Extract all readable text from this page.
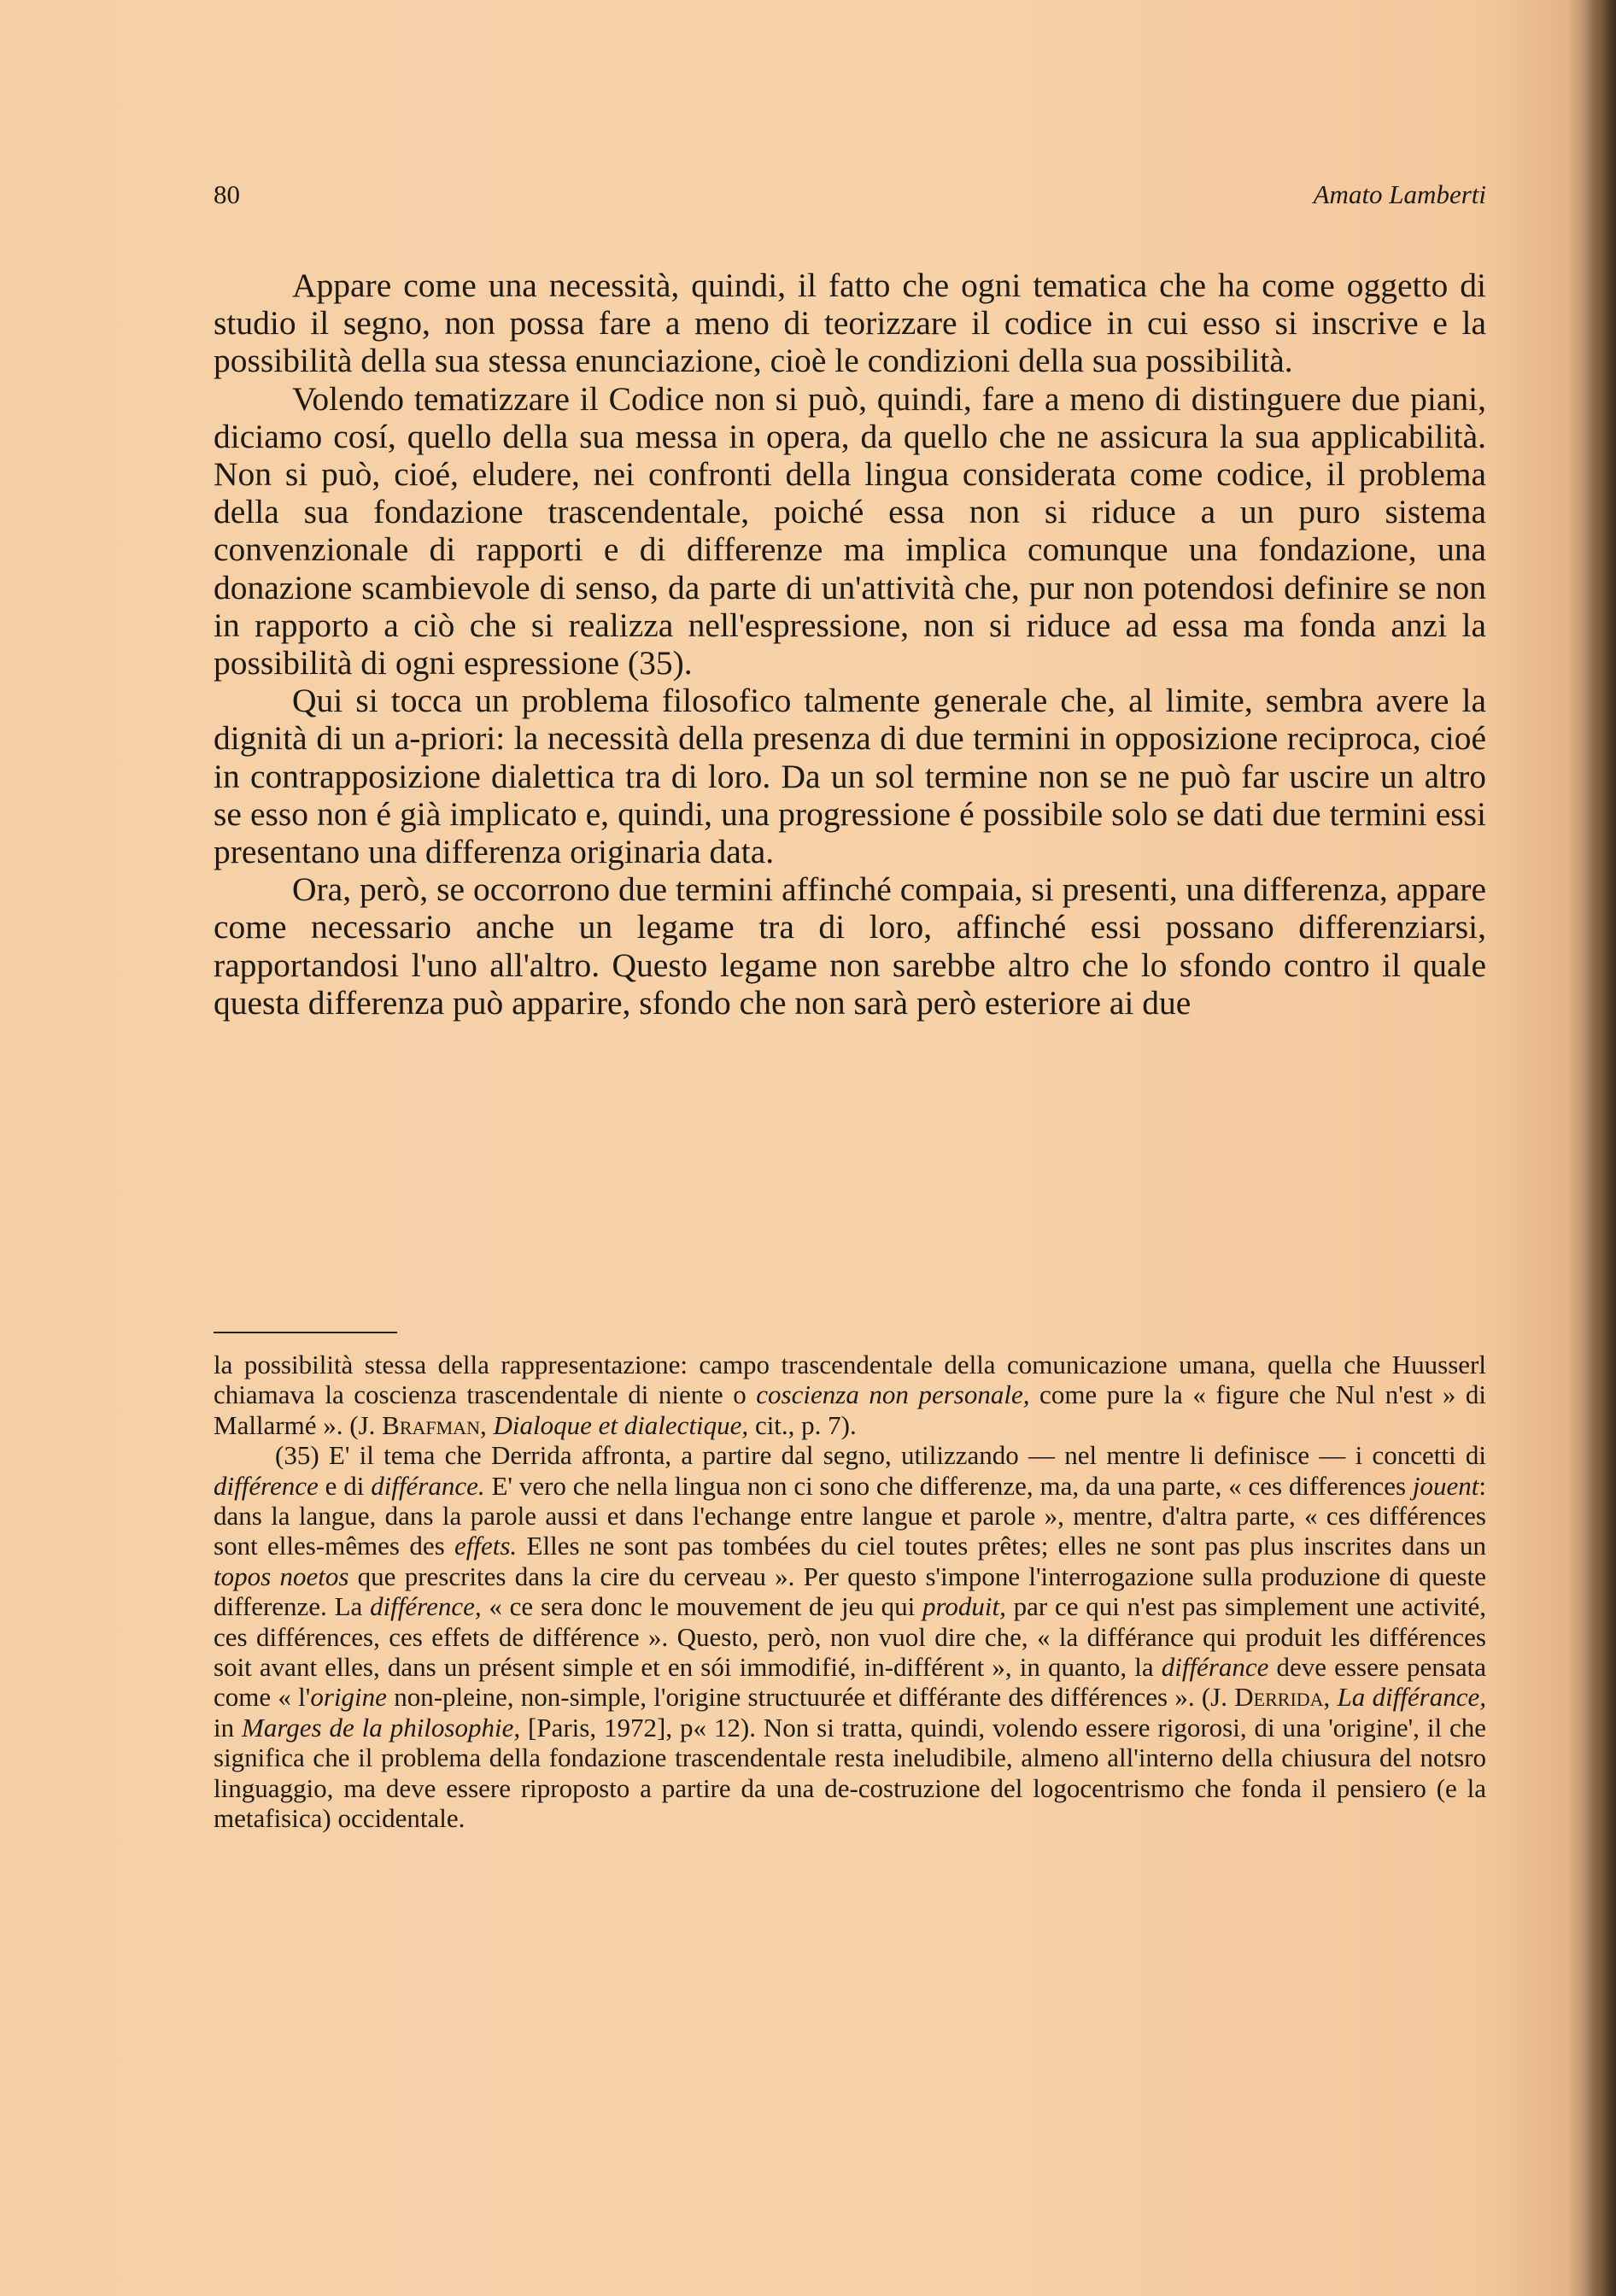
80	Amato Lamberti

Appare come una necessità, quindi, il fatto che ogni tematica che ha come oggetto di studio il segno, non possa fare a meno di teorizzare il codice in cui esso si inscrive e la possibilità della sua stessa enunciazione, cioè le condizioni della sua possibilità.

Volendo tematizzare il Codice non si può, quindi, fare a meno di distinguere due piani, diciamo cosí, quello della sua messa in opera, da quello che ne assicura la sua applicabilità. Non si può, cioé, eludere, nei confronti della lingua considerata come codice, il problema della sua fondazione trascendentale, poiché essa non si riduce a un puro sistema convenzionale di rapporti e di differenze ma implica comunque una fondazione, una donazione scambievole di senso, da parte di un'attività che, pur non potendosi definire se non in rapporto a ciò che si realizza nell'espressione, non si riduce ad essa ma fonda anzi la possibilità di ogni espressione (35).

Qui si tocca un problema filosofico talmente generale che, al limite, sembra avere la dignità di un a-priori: la necessità della presenza di due termini in opposizione reciproca, cioé in contrapposizione dialettica tra di loro. Da un sol termine non se ne può far uscire un altro se esso non é già implicato e, quindi, una progressione é possibile solo se dati due termini essi presentano una differenza originaria data.

Ora, però, se occorrono due termini affinché compaia, si presenti, una differenza, appare come necessario anche un legame tra di loro, affinché essi possano differenziarsi, rapportandosi l'uno all'altro. Questo legame non sarebbe altro che lo sfondo contro il quale questa differenza può apparire, sfondo che non sarà però esteriore ai due

la possibilità stessa della rappresentazione: campo trascendentale della comunicazione umana, quella che Huusserl chiamava la coscienza trascendentale di niente o coscienza non personale, come pure la « figure che Nul n'est » di Mallarmé ». (J. Brafman, Dialoque et dialectique, cit., p. 7).

(35) E' il tema che Derrida affronta, a partire dal segno, utilizzando — nel mentre li definisce — i concetti di différence e di différance. E' vero che nella lingua non ci sono che differenze, ma, da una parte, « ces differences jouent: dans la langue, dans la parole aussi et dans l'echange entre langue et parole », mentre, d'altra parte, « ces différences sont elles-mêmes des effets. Elles ne sont pas tombées du ciel toutes prêtes; elles ne sont pas plus inscrites dans un topos noetos que prescrites dans la cire du cerveau ». Per questo s'impone l'interrogazione sulla produzione di queste differenze. La différence, « ce sera donc le mouvement de jeu qui produit, par ce qui n'est pas simplement une activité, ces différences, ces effets de différence ». Questo, però, non vuol dire che, « la différance qui produit les différences soit avant elles, dans un présent simple et en sói immodifié, in-différent », in quanto, la différance deve essere pensata come « l'origine non-pleine, non-simple, l'origine structuurée et différante des différences ». (J. Derrida, La différance, in Marges de la philosophie, [Paris, 1972], p« 12). Non si tratta, quindi, volendo essere rigorosi, di una 'origine', il che significa che il problema della fondazione trascendentale resta ineludibile, almeno all'interno della chiusura del notsro linguaggio, ma deve essere riproposto a partire da una de-costruzione del logocentrismo che fonda il pensiero (e la metafisica) occidentale.
